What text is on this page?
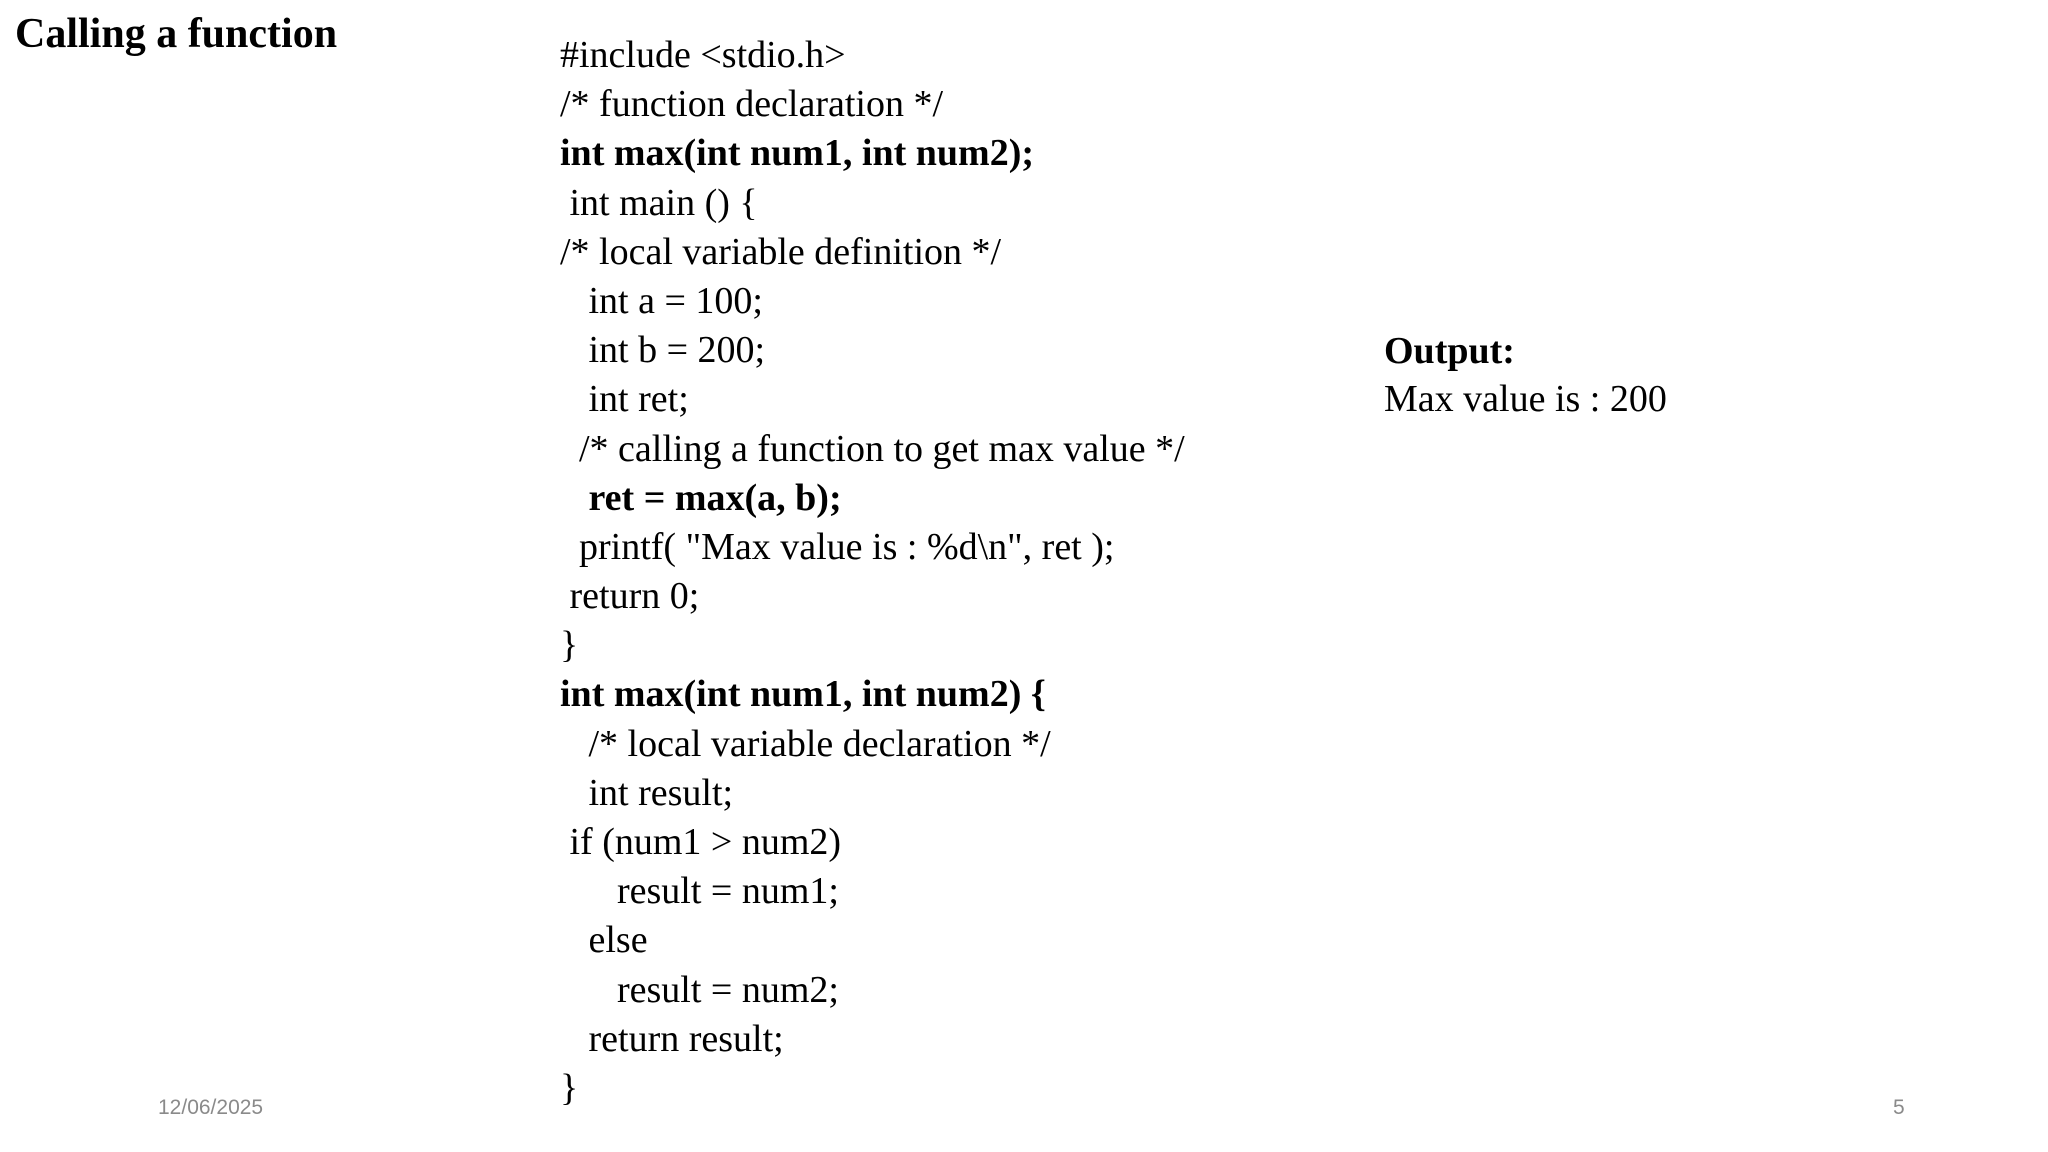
Calling a function	#include <stdio.h>
/* function declaration */
int max(int num1, int num2);
int main () {
/* local variable definition */
int a = 100;
int b = 200;
int ret;
/* calling a function to get max value */
ret = max(a, b);
printf( "Max value is : %d\n", ret );
return 0;
}
int max(int num1, int num2) {
/* local variable declaration */
int result;
if (num1 > num2)
result = num1;
else
result = num2;
return result;
}
Output:
Max value is : 200
12/06/2025	5
